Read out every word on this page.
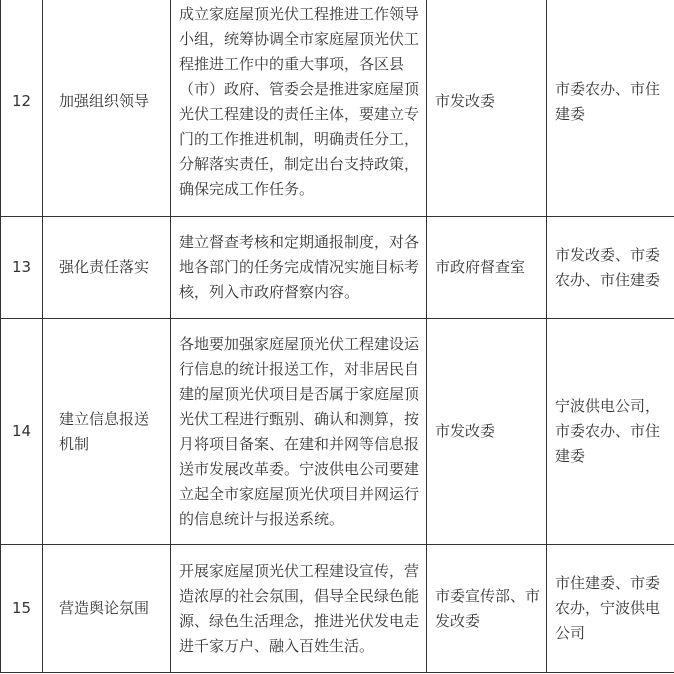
12	加强组织领导	成立家庭屋顶光伏工程推进工作领导小组，统筹协调全市家庭屋顶光伏工程推进工作中的重大事项，各区县（市）政府、管委会是推进家庭屋顶光伏工程建设的责任主体，要建立专门的工作推进机制，明确责任分工，分解落实责任，制定出台支持政策，确保完成工作任务。	市发改委	市委农办、市住建委

13	强化责任落实	建立督查考核和定期通报制度，对各地各部门的任务完成情况实施目标考核，列入市政府督察内容。	市政府督查室	市发改委、市委农办、市住建委

14	建立信息报送机制	各地要加强家庭屋顶光伏工程建设运行信息的统计报送工作，对非居民自建的屋顶光伏项目是否属于家庭屋顶光伏工程进行甄别、确认和测算，按月将项目备案、在建和并网等信息报送市发展改革委。宁波供电公司要建立起全市家庭屋顶光伏项目并网运行的信息统计与报送系统。	市发改委	宁波供电公司，市委农办、市住建委

15	营造舆论氛围	开展家庭屋顶光伏工程建设宣传，营造浓厚的社会氛围，倡导全民绿色能源、绿色生活理念，推进光伏发电走进千家万户、融入百姓生活。	市委宣传部、市发改委	市住建委、市委农办，宁波供电公司
